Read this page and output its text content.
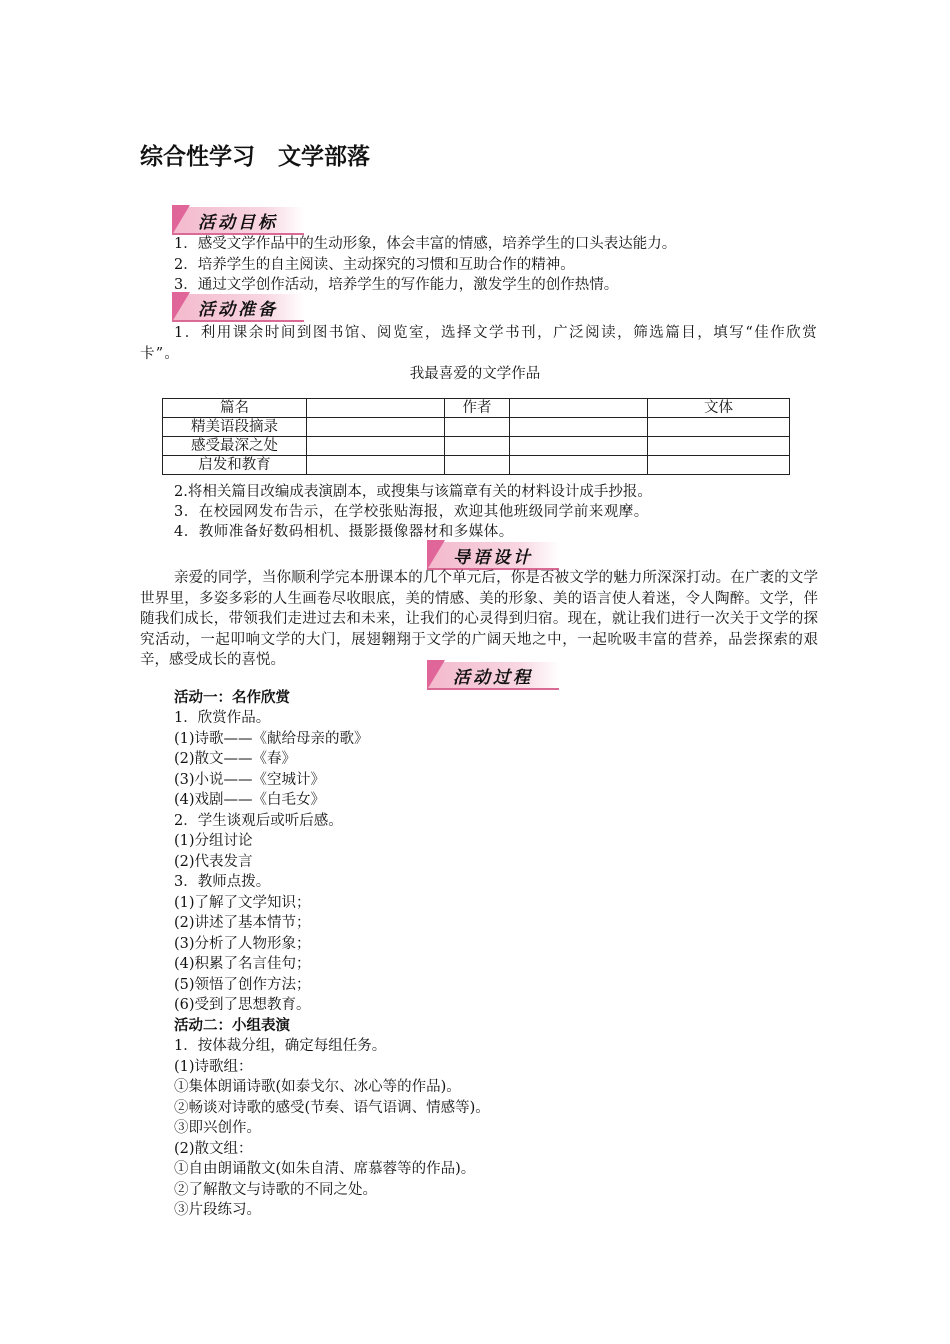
综合性学习　文学部落
活动目标
1．感受文学作品中的生动形象，体会丰富的情感，培养学生的口头表达能力。
2．培养学生的自主阅读、主动探究的习惯和互助合作的精神。
3．通过文学创作活动，培养学生的写作能力，激发学生的创作热情。
活动准备
1．利用课余时间到图书馆、阅览室，选择文学书刊，广泛阅读，筛选篇目，填写“佳作欣赏卡”。
我最喜爱的文学作品
篇名		作者		文体
精美语段摘录				
感受最深之处				
启发和教育				
2.将相关篇目改编成表演剧本，或搜集与该篇章有关的材料设计成手抄报。
3．在校园网发布告示，在学校张贴海报，欢迎其他班级同学前来观摩。
4．教师准备好数码相机、摄影摄像器材和多媒体。
导语设计
亲爱的同学，当你顺利学完本册课本的几个单元后，你是否被文学的魅力所深深打动。在广袤的文学世界里，多姿多彩的人生画卷尽收眼底，美的情感、美的形象、美的语言使人着迷，令人陶醉。文学，伴随我们成长，带领我们走进过去和未来，让我们的心灵得到归宿。现在，就让我们进行一次关于文学的探究活动，一起叩响文学的大门，展翅翱翔于文学的广阔天地之中，一起吮吸丰富的营养，品尝探索的艰辛，感受成长的喜悦。
活动过程
活动一：名作欣赏
1．欣赏作品。
(1)诗歌——《献给母亲的歌》
(2)散文——《春》
(3)小说——《空城计》
(4)戏剧——《白毛女》
2．学生谈观后或听后感。
(1)分组讨论
(2)代表发言
3．教师点拨。
(1)了解了文学知识；
(2)讲述了基本情节；
(3)分析了人物形象；
(4)积累了名言佳句；
(5)领悟了创作方法；
(6)受到了思想教育。
活动二：小组表演
1．按体裁分组，确定每组任务。
(1)诗歌组：
①集体朗诵诗歌(如泰戈尔、冰心等的作品)。
②畅谈对诗歌的感受(节奏、语气语调、情感等)。
③即兴创作。
(2)散文组：
①自由朗诵散文(如朱自清、席慕蓉等的作品)。
②了解散文与诗歌的不同之处。
③片段练习。
